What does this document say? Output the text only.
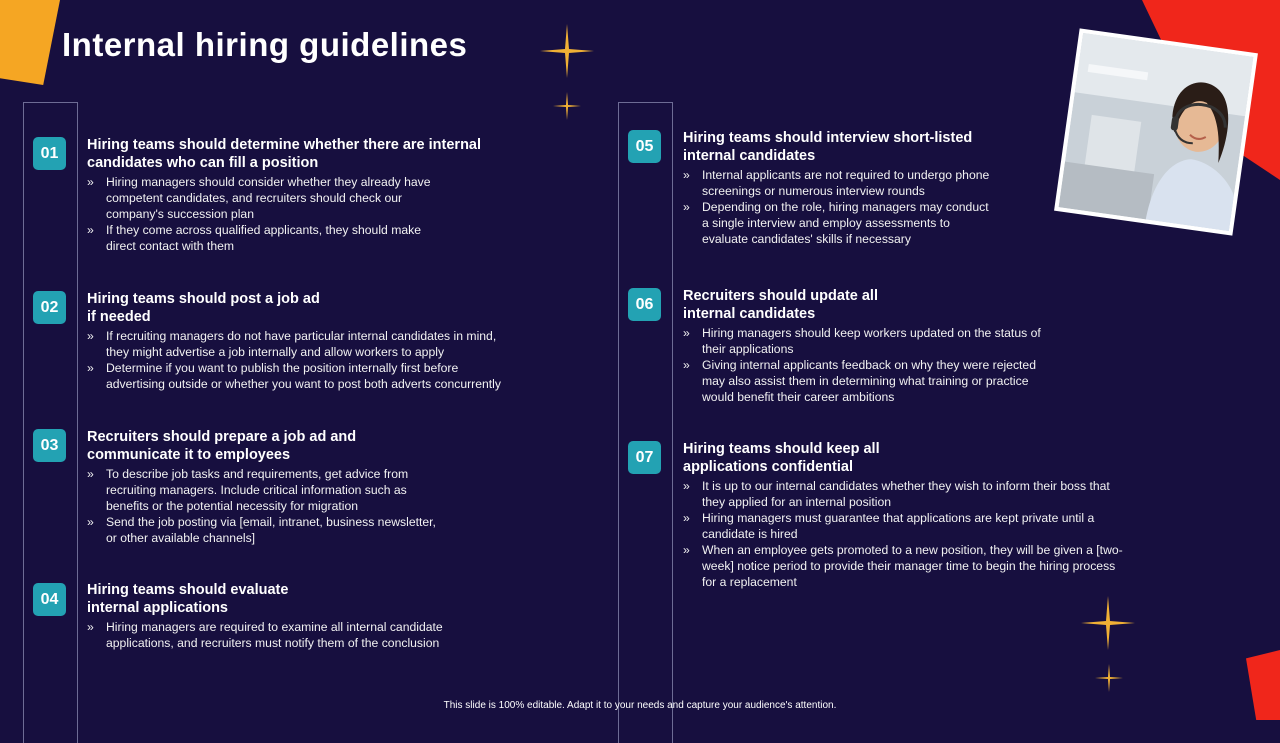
Internal hiring guidelines
01	Hiring teams should determine whether there are internal
candidates who can fill a position
» Hiring managers should consider whether they already have
competent candidates, and recruiters should check our
company's succession plan
» If they come across qualified applicants, they should make
direct contact with them
02	Hiring teams should post a job ad
if needed
» If recruiting managers do not have particular internal candidates in mind,
they might advertise a job internally and allow workers to apply
» Determine if you want to publish the position internally first before
advertising outside or whether you want to post both adverts concurrently
03	Recruiters should prepare a job ad and
communicate it to employees
» To describe job tasks and requirements, get advice from
recruiting managers. Include critical information such as
benefits or the potential necessity for migration
» Send the job posting via [email, intranet, business newsletter,
or other available channels]
04
Hiring teams should evaluate
internal applications
» Hiring managers are required to examine all internal candidate
applications, and recruiters must notify them of the conclusion
05	Hiring teams should interview short-listed
internal candidates
» Internal applicants are not required to undergo phone
screenings or numerous interview rounds
» Depending on the role, hiring managers may conduct
a single interview and employ assessments to
evaluate candidates' skills if necessary
06	Recruiters should update all
internal candidates
» Hiring managers should keep workers updated on the status of
their applications
» Giving internal applicants feedback on why they were rejected
may also assist them in determining what training or practice
would benefit their career ambitions
07	Hiring teams should keep all
applications confidential
» It is up to our internal candidates whether they wish to inform their boss that
they applied for an internal position
» Hiring managers must guarantee that applications are kept private until a
candidate is hired
» When an employee gets promoted to a new position, they will be given a [two-
week] notice period to provide their manager time to begin the hiring process
for a replacement
This slide is 100% editable. Adapt it to your needs and capture your audience's attention.
